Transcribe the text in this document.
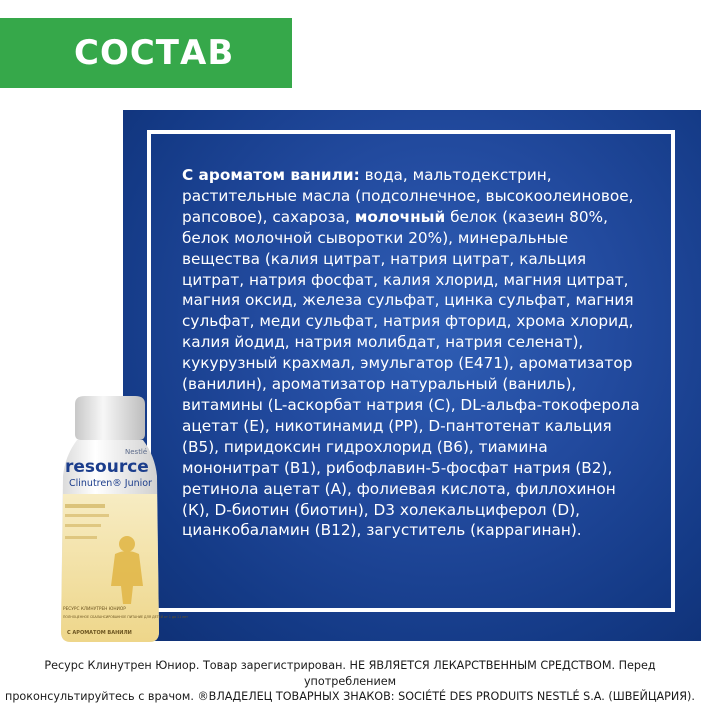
СОСТАВ
С ароматом ванили: вода, мальтодекстрин, растительные масла (подсолнечное, высокоолеиновое, рапсовое), сахароза, молочный белок (казеин 80%, белок молочной сыворотки 20%), минеральные вещества (калия цитрат, натрия цитрат, кальция цитрат, натрия фосфат, калия хлорид, магния цитрат, магния оксид, железа сульфат, цинка сульфат, магния сульфат, меди сульфат, натрия фторид, хрома хлорид, калия йодид, натрия молибдат, натрия селенат), кукурузный крахмал, эмульгатор (Е471), ароматизатор (ванилин), ароматизатор натуральный (ваниль), витамины (L-аскорбат натрия (С), DL-альфа-токоферола ацетат (Е), никотинамид (РР), D-пантотенат кальция (В5), пиридоксин гидрохлорид (В6), тиамина мононитрат (В1), рибофлавин-5-фосфат натрия (В2), ретинола ацетат (А), фолиевая кислота, филлохинон (К), D-биотин (биотин), D3 холекальциферол (D), цианкобаламин (В12), загуститель (каррагинан).
Nestlé
resource
Clinutren® Junior
РЕСУРС КЛИНУТРЕН ЮНИОР
ПОЛНОЦЕННОЕ СБАЛАНСИРОВАННОЕ ПИТАНИЕ ДЛЯ ДЕТЕЙ от 1 до 11 лет
С АРОМАТОМ ВАНИЛИ
Ресурс Клинутрен Юниор. Товар зарегистрирован. НЕ ЯВЛЯЕТСЯ ЛЕКАРСТВЕННЫМ СРЕДСТВОМ. Перед употреблением
проконсультируйтесь с врачом. ®ВЛАДЕЛЕЦ ТОВАРНЫХ ЗНАКОВ: SOCIÉTÉ DES PRODUITS NESTLÉ S.A. (ШВЕЙЦАРИЯ).
